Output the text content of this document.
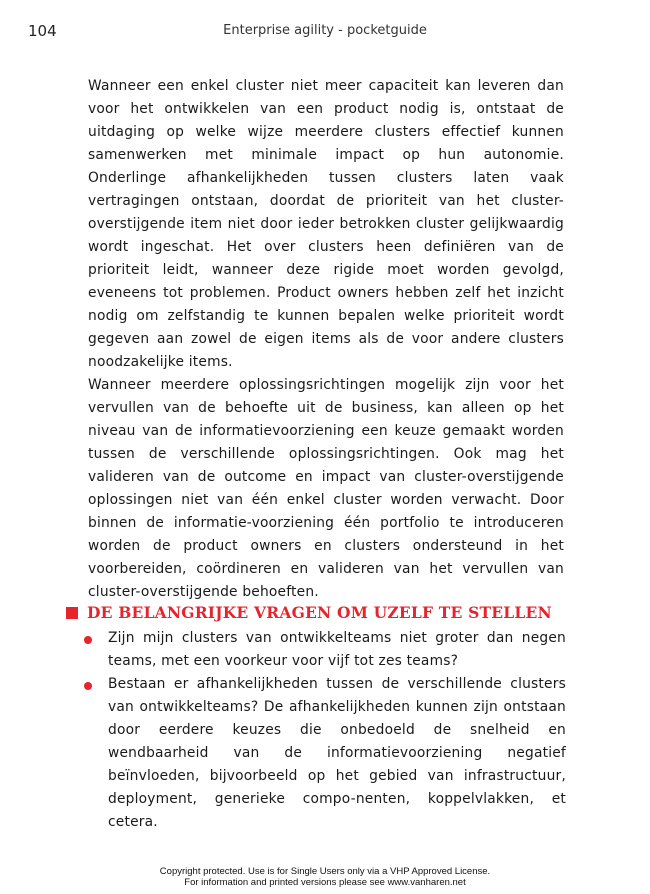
104	Enterprise agility - pocketguide

Wanneer een enkel cluster niet meer capaciteit kan leveren dan voor het ontwikkelen van een product nodig is, ontstaat de uitdaging op welke wijze meerdere clusters effectief kunnen samenwerken met minimale impact op hun autonomie. Onderlinge afhankelijkheden tussen clusters laten vaak vertragingen ontstaan, doordat de prioriteit van het cluster-overstijgende item niet door ieder betrokken cluster gelijkwaardig wordt ingeschat. Het over clusters heen definiëren van de prioriteit leidt, wanneer deze rigide moet worden gevolgd, eveneens tot problemen. Product owners hebben zelf het inzicht nodig om zelfstandig te kunnen bepalen welke prioriteit wordt gegeven aan zowel de eigen items als de voor andere clusters noodzakelijke items.

Wanneer meerdere oplossingsrichtingen mogelijk zijn voor het vervullen van de behoefte uit de business, kan alleen op het niveau van de informatievoorziening een keuze gemaakt worden tussen de verschillende oplossingsrichtingen. Ook mag het valideren van de outcome en impact van cluster-overstijgende oplossingen niet van één enkel cluster worden verwacht. Door binnen de informatie-voorziening één portfolio te introduceren worden de product owners en clusters ondersteund in het voorbereiden, coördineren en valideren van het vervullen van cluster-overstijgende behoeften.

DE BELANGRIJKE VRAGEN OM UZELF TE STELLEN
Zijn mijn clusters van ontwikkelteams niet groter dan negen teams, met een voorkeur voor vijf tot zes teams?
Bestaan er afhankelijkheden tussen de verschillende clusters van ontwikkelteams? De afhankelijkheden kunnen zijn ontstaan door eerdere keuzes die onbedoeld de snelheid en wendbaarheid van de informatievoorziening negatief beïnvloeden, bijvoorbeeld op het gebied van infrastructuur, deployment, generieke compo-nenten, koppelvlakken, et cetera.
Copyright protected. Use is for Single Users only via a VHP Approved License.
For information and printed versions please see www.vanharen.net
